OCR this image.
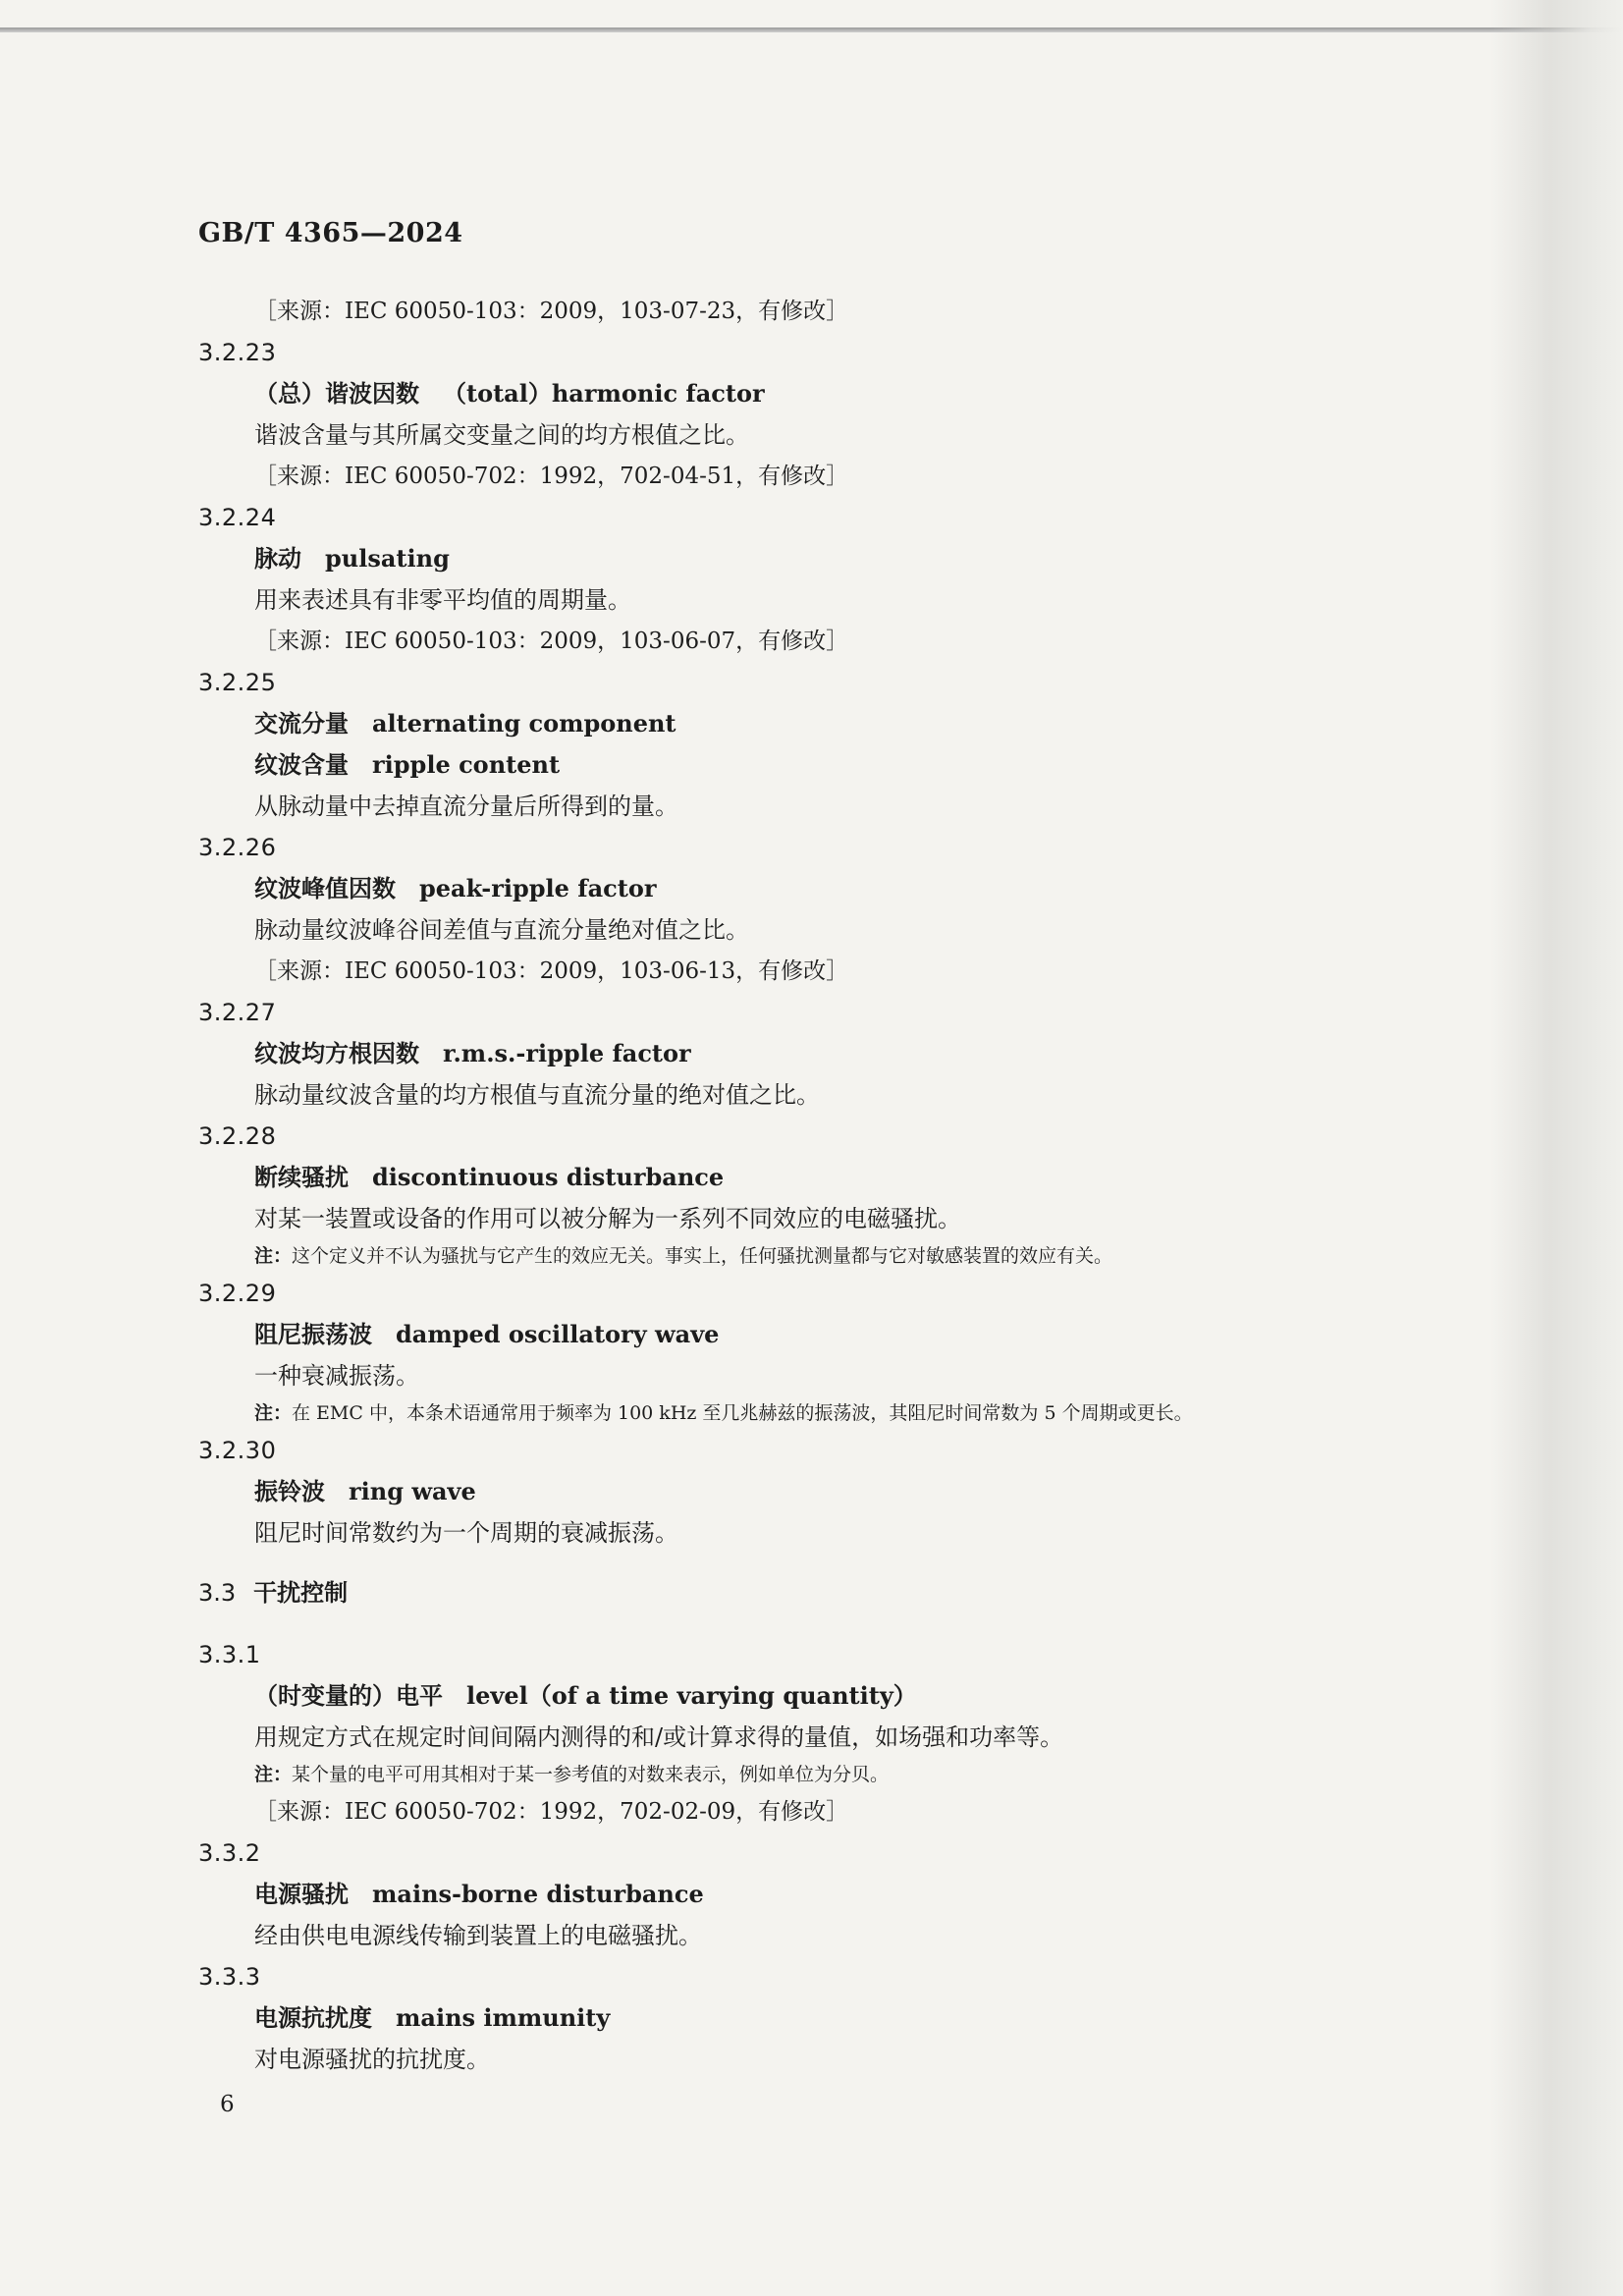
GB/T 4365—2024
［来源：IEC 60050-103：2009，103-07-23，有修改］
3.2.23
（总）谐波因数 （total）harmonic factor
谐波含量与其所属交变量之间的均方根值之比。
［来源：IEC 60050-702：1992，702-04-51，有修改］
3.2.24
脉动 pulsating
用来表述具有非零平均值的周期量。
［来源：IEC 60050-103：2009，103-06-07，有修改］
3.2.25
交流分量 alternating component
纹波含量 ripple content
从脉动量中去掉直流分量后所得到的量。
3.2.26
纹波峰值因数 peak-ripple factor
脉动量纹波峰谷间差值与直流分量绝对值之比。
［来源：IEC 60050-103：2009，103-06-13，有修改］
3.2.27
纹波均方根因数 r.m.s.-ripple factor
脉动量纹波含量的均方根值与直流分量的绝对值之比。
3.2.28
断续骚扰 discontinuous disturbance
对某一装置或设备的作用可以被分解为一系列不同效应的电磁骚扰。
注：这个定义并不认为骚扰与它产生的效应无关。事实上，任何骚扰测量都与它对敏感装置的效应有关。
3.2.29
阻尼振荡波 damped oscillatory wave
一种衰减振荡。
注：在 EMC 中，本条术语通常用于频率为 100 kHz 至几兆赫兹的振荡波，其阻尼时间常数为 5 个周期或更长。
3.2.30
振铃波 ring wave
阻尼时间常数约为一个周期的衰减振荡。
3.3 干扰控制
3.3.1
（时变量的）电平 level（of a time varying quantity）
用规定方式在规定时间间隔内测得的和/或计算求得的量值，如场强和功率等。
注：某个量的电平可用其相对于某一参考值的对数来表示，例如单位为分贝。
［来源：IEC 60050-702：1992，702-02-09，有修改］
3.3.2
电源骚扰 mains-borne disturbance
经由供电电源线传输到装置上的电磁骚扰。
3.3.3
电源抗扰度 mains immunity
对电源骚扰的抗扰度。
6
